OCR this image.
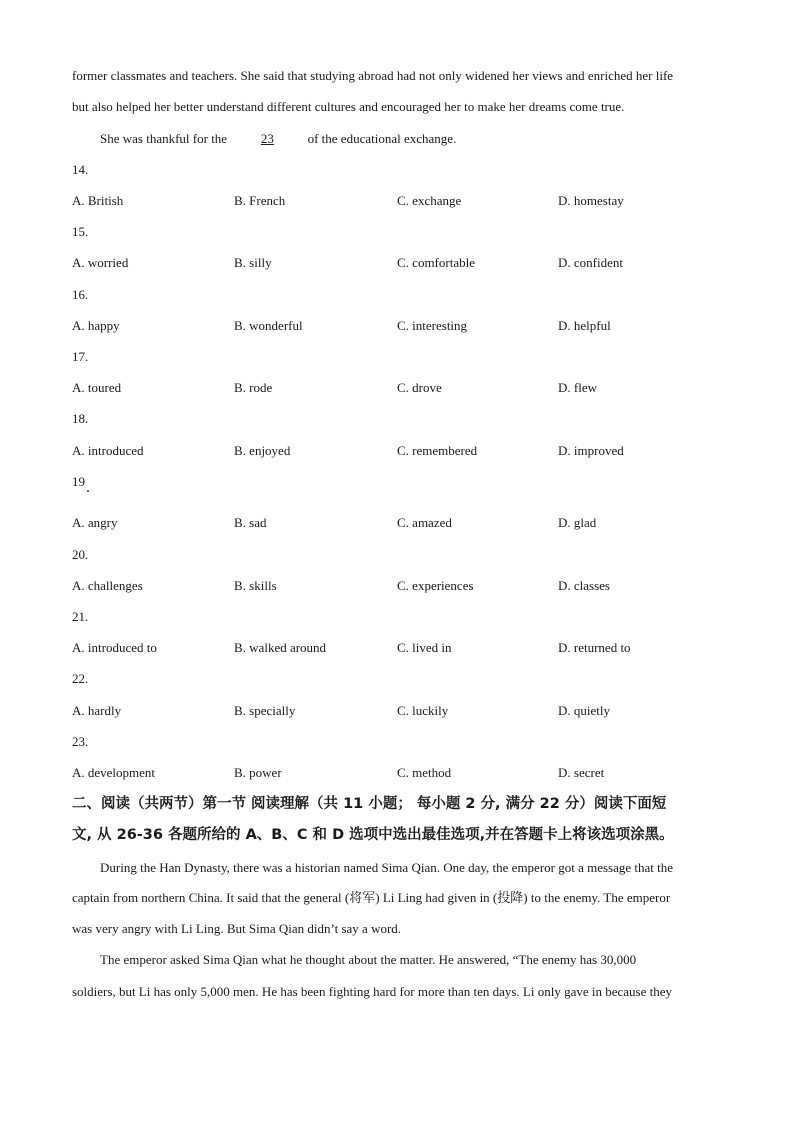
former classmates and teachers. She said that studying abroad had not only widened her views and enriched her life
but also helped her better understand different cultures and encouraged her to make her dreams come true.
She was thankful for the 23 of the educational exchange.
14.
A. British	B. French	C. exchange	D. homestay
15.
A. worried	B. silly	C. comfortable	D. confident
16.
A. happy	B. wonderful	C. interesting	D. helpful
17.
A. toured	B. rode	C. drove	D. flew
18.
A. introduced	B. enjoyed	C. remembered	D. improved
19
A. angry	B. sad	C. amazed	D. glad
20.
A. challenges	B. skills	C. experiences	D. classes
21.
A. introduced to	B. walked around	C. lived in	D. returned to
22.
A. hardly	B. specially	C. luckily	D. quietly
23.
A. development	B. power	C. method	D. secret
二、阅读（共两节）第一节 阅读理解（共 11 小题； 每小题 2 分, 满分 22 分）阅读下面短
文, 从 26-36 各题所给的 A、B、C 和 D 选项中选出最佳选项,并在答题卡上将该选项涂黑。
During the Han Dynasty, there was a historian named Sima Qian. One day, the emperor got a message that the
captain from northern China. It said that the general (将军) Li Ling had given in (投降) to the enemy. The emperor
was very angry with Li Ling. But Sima Qian didn’t say a word.
The emperor asked Sima Qian what he thought about the matter. He answered, “The enemy has 30,000
soldiers, but Li has only 5,000 men. He has been fighting hard for more than ten days. Li only gave in because they
